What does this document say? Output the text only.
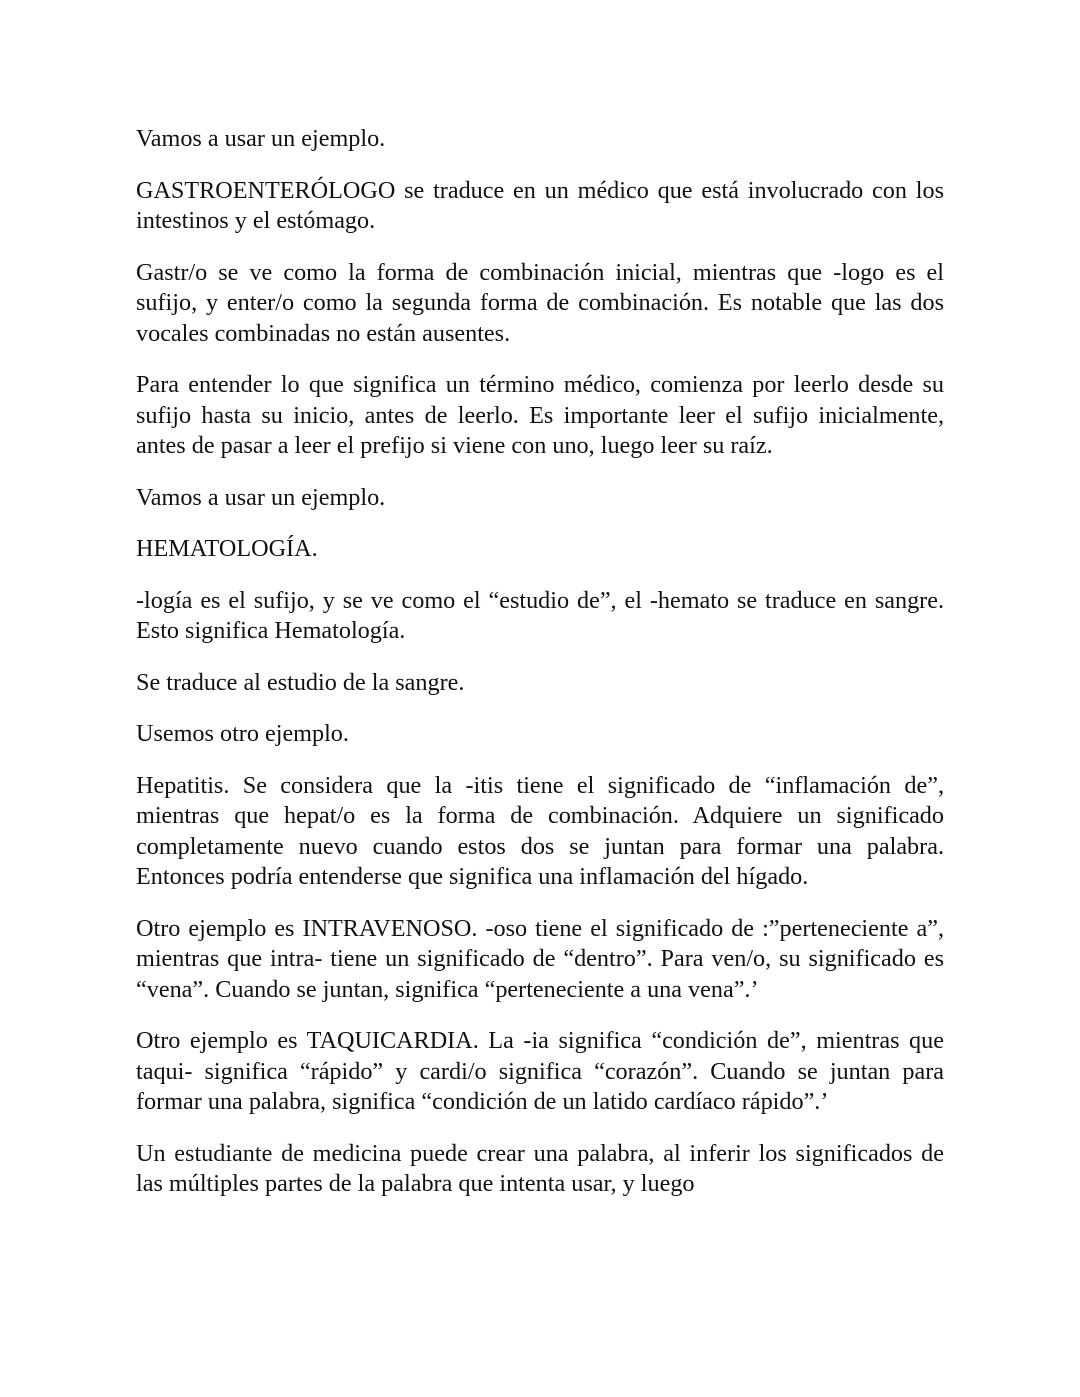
Vamos a usar un ejemplo.

GASTROENTERÓLOGO se traduce en un médico que está involucrado con los intestinos y el estómago.

Gastr/o se ve como la forma de combinación inicial, mientras que -logo es el sufijo, y enter/o como la segunda forma de combinación. Es notable que las dos vocales combinadas no están ausentes.

Para entender lo que significa un término médico, comienza por leerlo desde su sufijo hasta su inicio, antes de leerlo. Es importante leer el sufijo inicialmente, antes de pasar a leer el prefijo si viene con uno, luego leer su raíz.

Vamos a usar un ejemplo.

HEMATOLOGÍA.

-logía es el sufijo, y se ve como el “estudio de”, el -hemato se traduce en sangre. Esto significa Hematología.

Se traduce al estudio de la sangre.

Usemos otro ejemplo.

Hepatitis. Se considera que la -itis tiene el significado de “inflamación de”, mientras que hepat/o es la forma de combinación. Adquiere un significado completamente nuevo cuando estos dos se juntan para formar una palabra. Entonces podría entenderse que significa una inflamación del hígado.

Otro ejemplo es INTRAVENOSO. -oso tiene el significado de :”perteneciente a”, mientras que intra- tiene un significado de “dentro”. Para ven/o, su significado es “vena”. Cuando se juntan, significa “perteneciente a una vena”.’

Otro ejemplo es TAQUICARDIA. La -ia significa “condición de”, mientras que taqui- significa “rápido” y cardi/o significa “corazón”. Cuando se juntan para formar una palabra, significa “condición de un latido cardíaco rápido”.’

Un estudiante de medicina puede crear una palabra, al inferir los significados de las múltiples partes de la palabra que intenta usar, y luego
